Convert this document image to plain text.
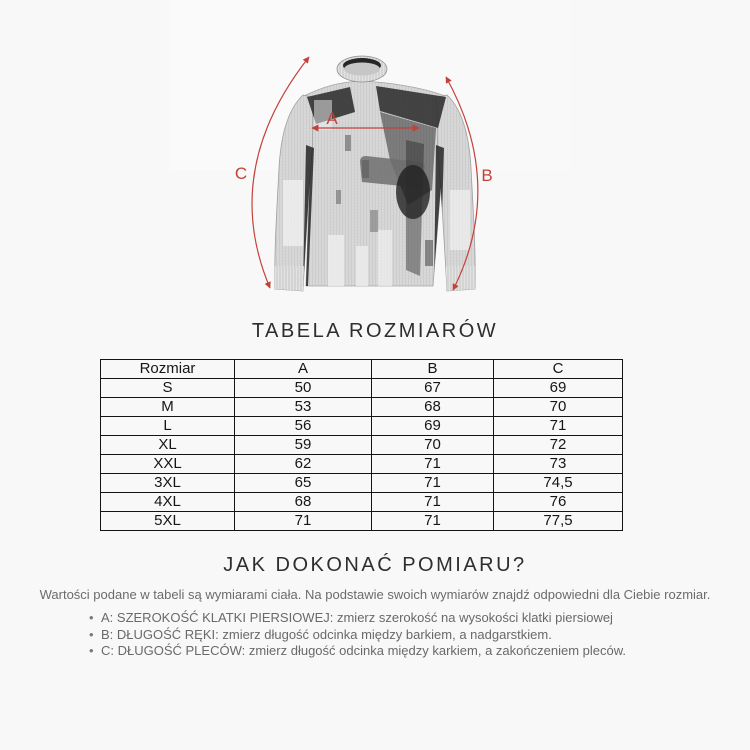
A
C	B
TABELA ROZMIARÓW
Rozmiar	A	B	C
S	50	67	69
M	53	68	70
L	56	69	71
XL	59	70	72
XXL	62	71	73
3XL	65	71	74,5
4XL	68	71	76
5XL	71	71	77,5
JAK DOKONAĆ POMIARU?

Wartości podane w tabeli są wymiarami ciała. Na podstawie swoich wymiarów znajdź odpowiedni dla Ciebie rozmiar.

• A: SZEROKOŚĆ KLATKI PIERSIOWEJ: zmierz szerokość na wysokości klatki piersiowej
• B: DŁUGOŚĆ RĘKI: zmierz długość odcinka między barkiem, a nadgarstkiem.
• C: DŁUGOŚĆ PLECÓW: zmierz długość odcinka między karkiem, a zakończeniem pleców.
